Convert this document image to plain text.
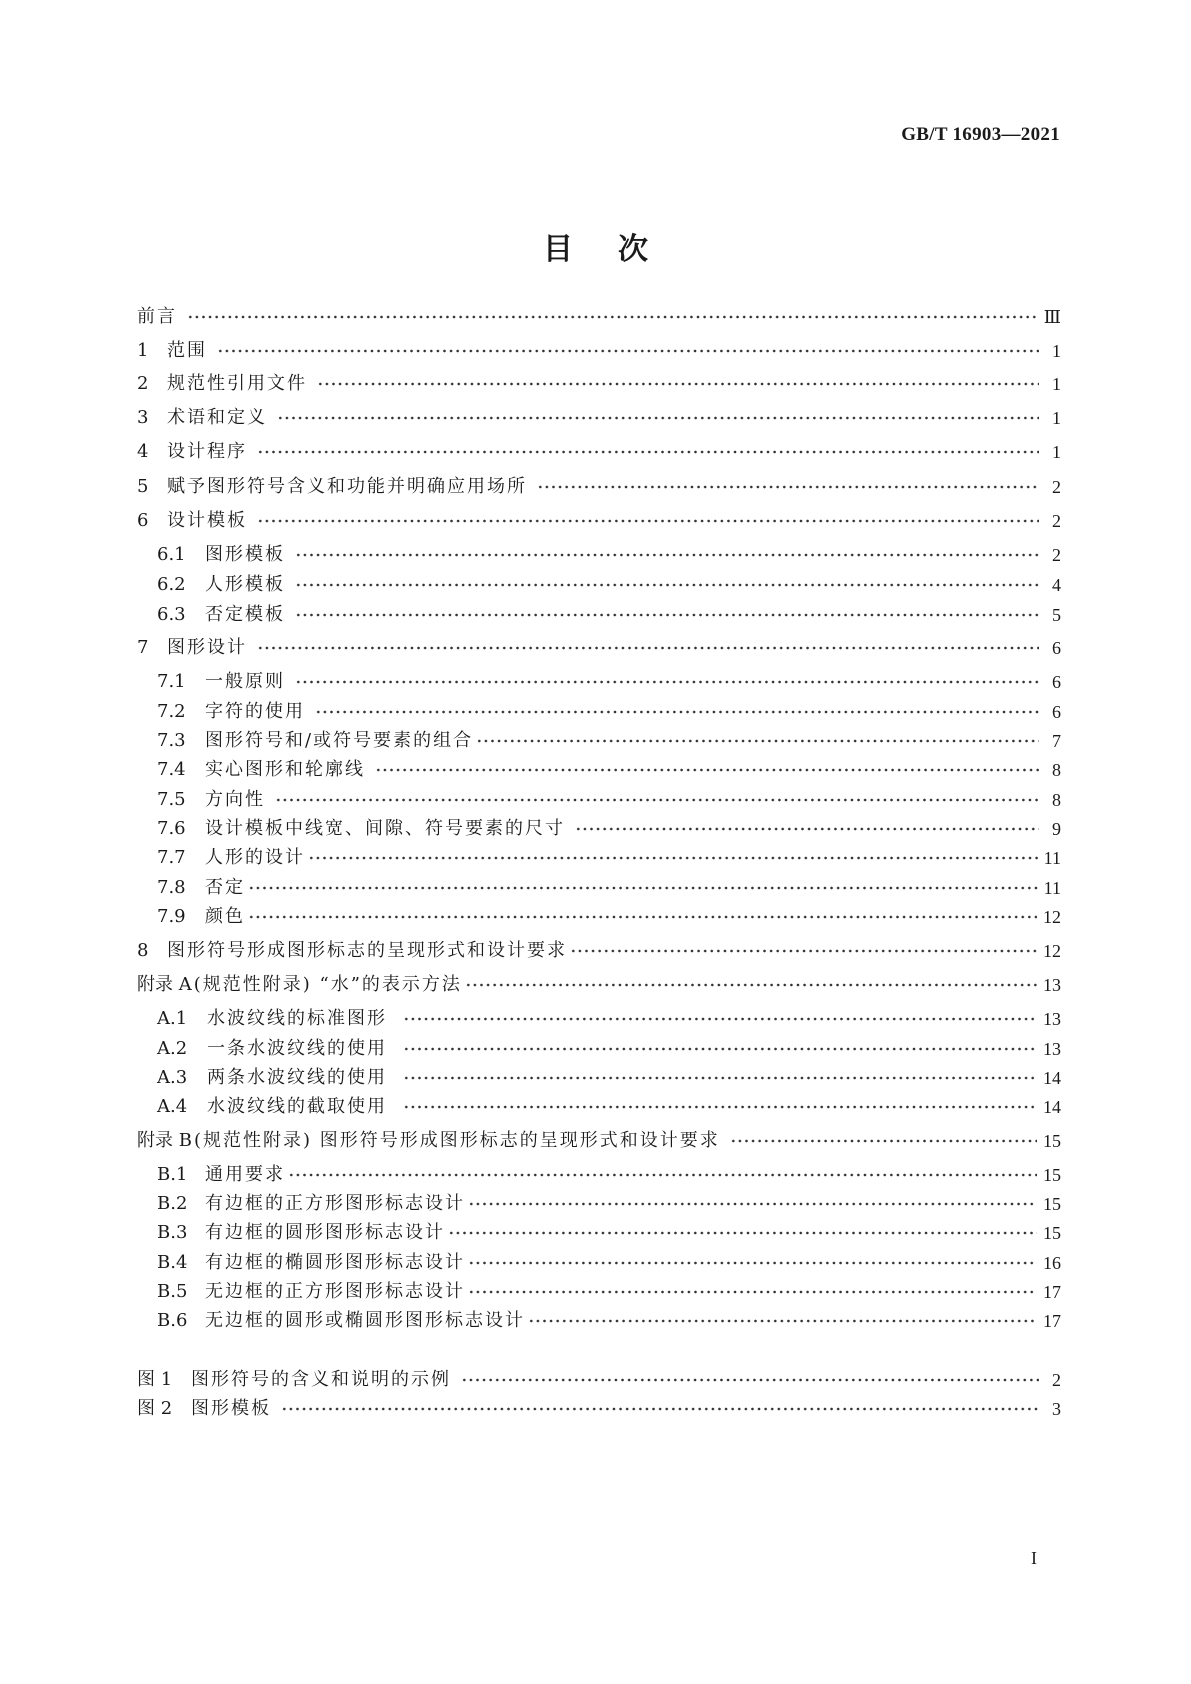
GB/T 16903—2021

目次
前言	Ⅲ
1	范围	1
2	规范性引用文件	1
3	术语和定义	1
4	设计程序	1
5	赋予图形符号含义和功能并明确应用场所	2
6	设计模板	2
6.1	图形模板	2
6.2	人形模板	4
6.3	否定模板	5
7	图形设计	6
7.1	一般原则	6
7.2	字符的使用	6
7.3	图形符号和/或符号要素的组合	7
7.4	实心图形和轮廓线	8
7.5	方向性	8
7.6	设计模板中线宽、间隙、符号要素的尺寸	9
7.7	人形的设计	11
7.8	否定	11
7.9	颜色	12
8	图形符号形成图形标志的呈现形式和设计要求	12
附录 A (规范性附录) “水”的表示方法	13
A.1	水波纹线的标准图形	13
A.2	一条水波纹线的使用	13
A.3	两条水波纹线的使用	14
A.4	水波纹线的截取使用	14
附录 B (规范性附录) 图形符号形成图形标志的呈现形式和设计要求	15
B.1 通用要求	15
B.2 有边框的正方形图形标志设计	15
B.3 有边框的圆形图形标志设计	15
B.4 有边框的椭圆形图形标志设计	16
B.5 无边框的正方形图形标志设计	17
B.6 无边框的圆形或椭圆形图形标志设计	17
图 1	图形符号的含义和说明的示例	2
图 2	图形模板	3

I
